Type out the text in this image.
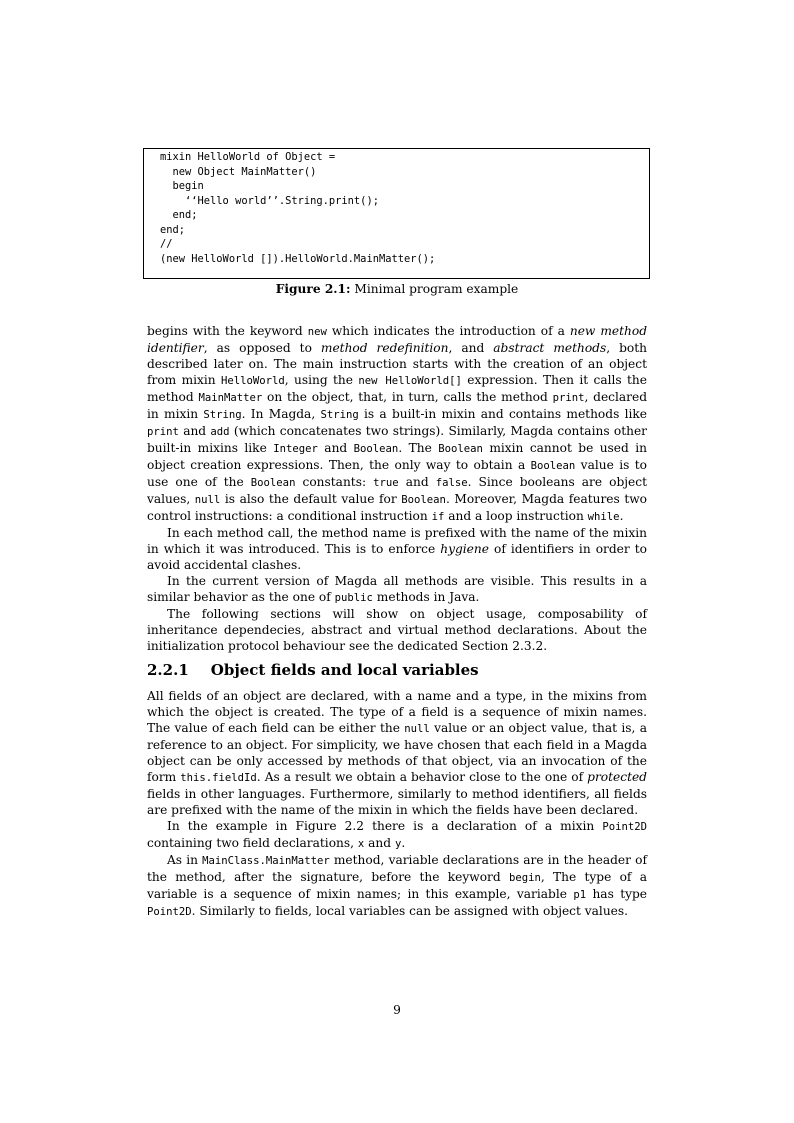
mixin HelloWorld of Object =
new Object MainMatter()
begin
‘‘Hello world’’.String.print();
end;
end;
//
(new HelloWorld []).HelloWorld.MainMatter();
Figure 2.1: Minimal program example

begins with the keyword new which indicates the introduction of a new method identifier, as opposed to method redefinition, and abstract methods, both described later on. The main instruction starts with the creation of an object from mixin HelloWorld, using the new HelloWorld[] expression. Then it calls the method MainMatter on the object, that, in turn, calls the method print, declared in mixin String. In Magda, String is a built-in mixin and contains methods like print and add (which concatenates two strings). Similarly, Magda contains other built-in mixins like Integer and Boolean. The Boolean mixin cannot be used in object creation expressions. Then, the only way to obtain a Boolean value is to use one of the Boolean constants: true and false. Since booleans are object values, null is also the default value for Boolean. Moreover, Magda features two control instructions: a conditional instruction if and a loop instruction while.

In each method call, the method name is prefixed with the name of the mixin in which it was introduced. This is to enforce hygiene of identifiers in order to avoid accidental clashes.

In the current version of Magda all methods are visible. This results in a similar behavior as the one of public methods in Java.

The following sections will show on object usage, composability of inheritance dependecies, abstract and virtual method declarations. About the initialization protocol behaviour see the dedicated Section 2.3.2.

2.2.1 Object fields and local variables

All fields of an object are declared, with a name and a type, in the mixins from which the object is created. The type of a field is a sequence of mixin names. The value of each field can be either the null value or an object value, that is, a reference to an object. For simplicity, we have chosen that each field in a Magda object can be only accessed by methods of that object, via an invocation of the form this.fieldId. As a result we obtain a behavior close to the one of protected fields in other languages. Furthermore, similarly to method identifiers, all fields are prefixed with the name of the mixin in which the fields have been declared.

In the example in Figure 2.2 there is a declaration of a mixin Point2D containing two field declarations, x and y.

As in MainClass.MainMatter method, variable declarations are in the header of the method, after the signature, before the keyword begin, The type of a variable is a sequence of mixin names; in this example, variable p1 has type Point2D. Similarly to fields, local variables can be assigned with object values.

9
